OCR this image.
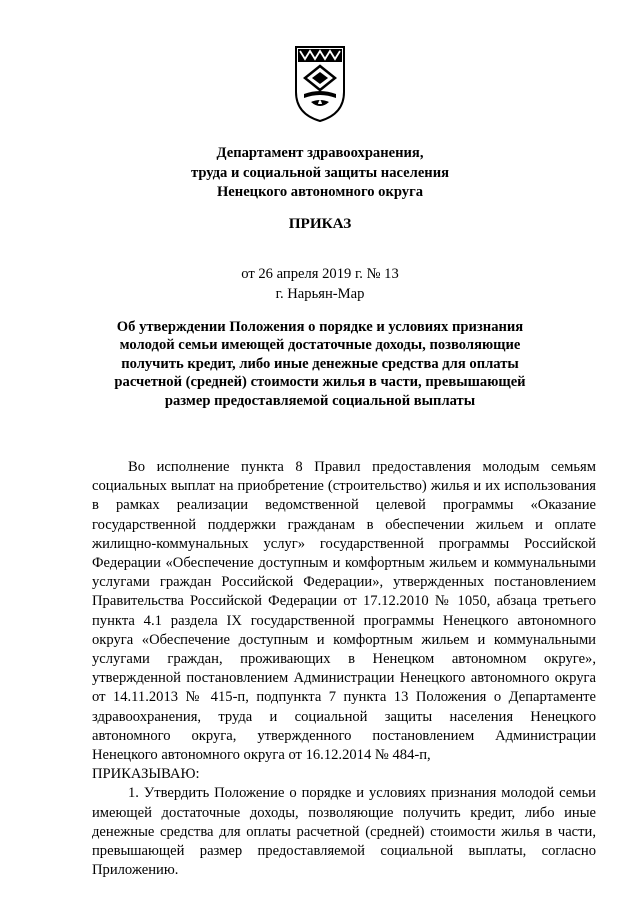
Департамент здравоохранения,
труда и социальной защиты населения
Ненецкого автономного округа
ПРИКАЗ
от 26 апреля 2019 г. № 13
г. Нарьян-Мар
Об утверждении Положения о порядке и условиях признания молодой семьи имеющей достаточные доходы, позволяющие получить кредит, либо иные денежные средства для оплаты расчетной (средней) стоимости жилья в части, превышающей размер предоставляемой социальной выплаты

Во исполнение пункта 8 Правил предоставления молодым семьям социальных выплат на приобретение (строительство) жилья и их использования в рамках реализации ведомственной целевой программы «Оказание государственной поддержки гражданам в обеспечении жильем и оплате жилищно-коммунальных услуг» государственной программы Российской Федерации «Обеспечение доступным и комфортным жильем и коммунальными услугами граждан Российской Федерации», утвержденных постановлением Правительства Российской Федерации от 17.12.2010 № 1050, абзаца третьего пункта 4.1 раздела IX государственной программы Ненецкого автономного округа «Обеспечение доступным и комфортным жильем и коммунальными услугами граждан, проживающих в Ненецком автономном округе», утвержденной постановлением Администрации Ненецкого автономного округа от 14.11.2013 № 415-п, подпункта 7 пункта 13 Положения о Департаменте здравоохранения, труда и социальной защиты населения Ненецкого автономного округа, утвержденного постановлением Администрации Ненецкого автономного округа от 16.12.2014 № 484-п,

ПРИКАЗЫВАЮ:

1. Утвердить Положение о порядке и условиях признания молодой семьи имеющей достаточные доходы, позволяющие получить кредит, либо иные денежные средства для оплаты расчетной (средней) стоимости жилья в части, превышающей размер предоставляемой социальной выплаты, согласно Приложению.
